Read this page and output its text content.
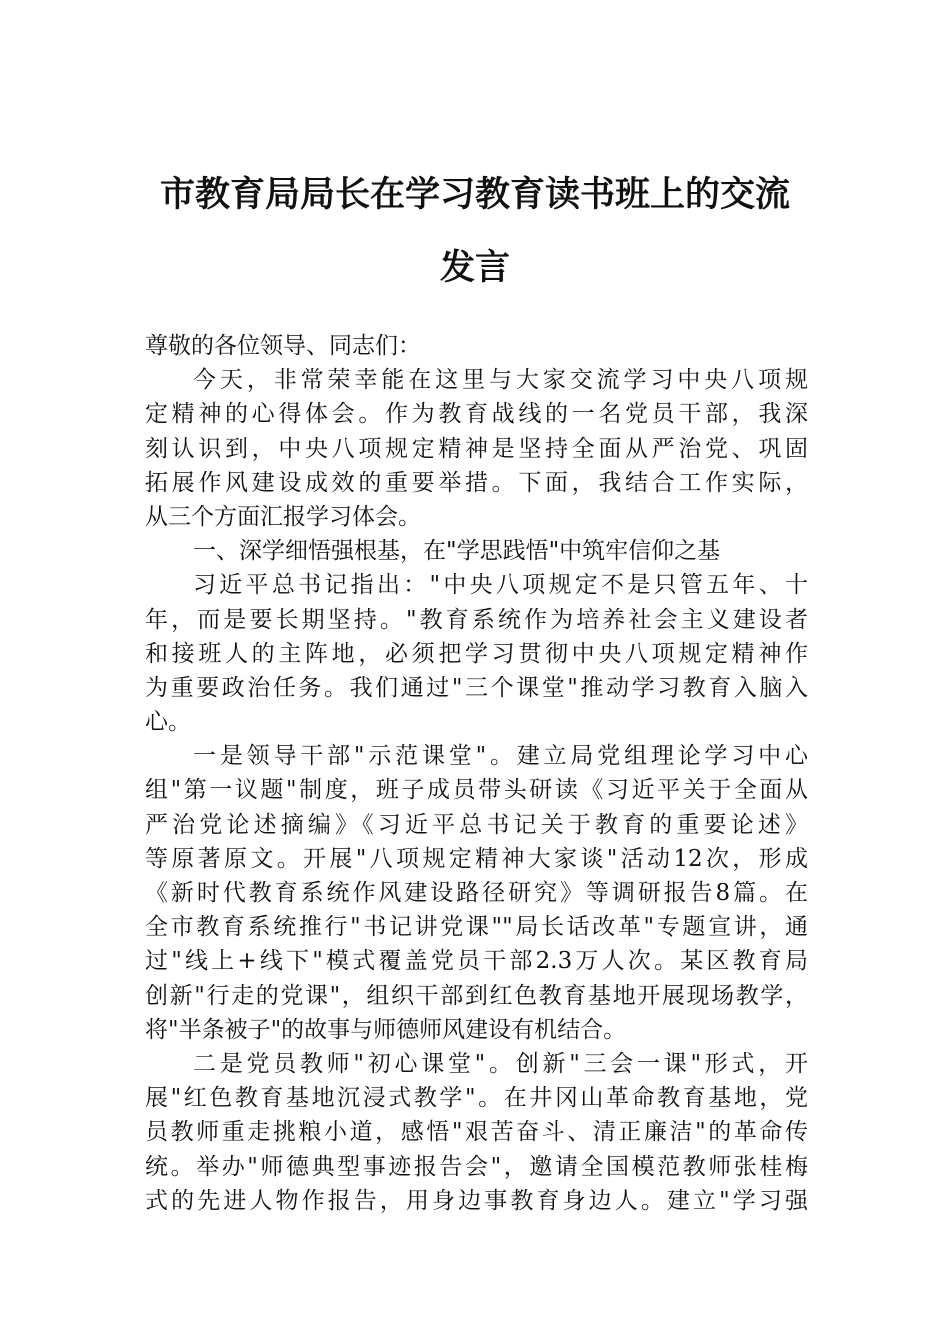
市教育局局长在学习教育读书班上的交流
发言
尊敬的各位领导、同志们：
今天，非常荣幸能在这里与大家交流学习中央八项规
定精神的心得体会。作为教育战线的一名党员干部，我深
刻认识到，中央八项规定精神是坚持全面从严治党、巩固
拓展作风建设成效的重要举措。下面，我结合工作实际，
从三个方面汇报学习体会。
一、深学细悟强根基，在"学思践悟"中筑牢信仰之基
习近平总书记指出："中央八项规定不是只管五年、十
年，而是要长期坚持。"教育系统作为培养社会主义建设者
和接班人的主阵地，必须把学习贯彻中央八项规定精神作
为重要政治任务。我们通过"三个课堂"推动学习教育入脑入
心。
一是领导干部"示范课堂"。建立局党组理论学习中心
组"第一议题"制度，班子成员带头研读《习近平关于全面从
严治党论述摘编》《习近平总书记关于教育的重要论述》
等原著原文。开展"八项规定精神大家谈"活动12次，形成
《新时代教育系统作风建设路径研究》等调研报告8篇。在
全市教育系统推行"书记讲党课""局长话改革"专题宣讲，通
过"线上+线下"模式覆盖党员干部2.3万人次。某区教育局
创新"行走的党课"，组织干部到红色教育基地开展现场教学，
将"半条被子"的故事与师德师风建设有机结合。
二是党员教师"初心课堂"。创新"三会一课"形式，开
展"红色教育基地沉浸式教学"。在井冈山革命教育基地，党
员教师重走挑粮小道，感悟"艰苦奋斗、清正廉洁"的革命传
统。举办"师德典型事迹报告会"，邀请全国模范教师张桂梅
式的先进人物作报告，用身边事教育身边人。建立"学习强
